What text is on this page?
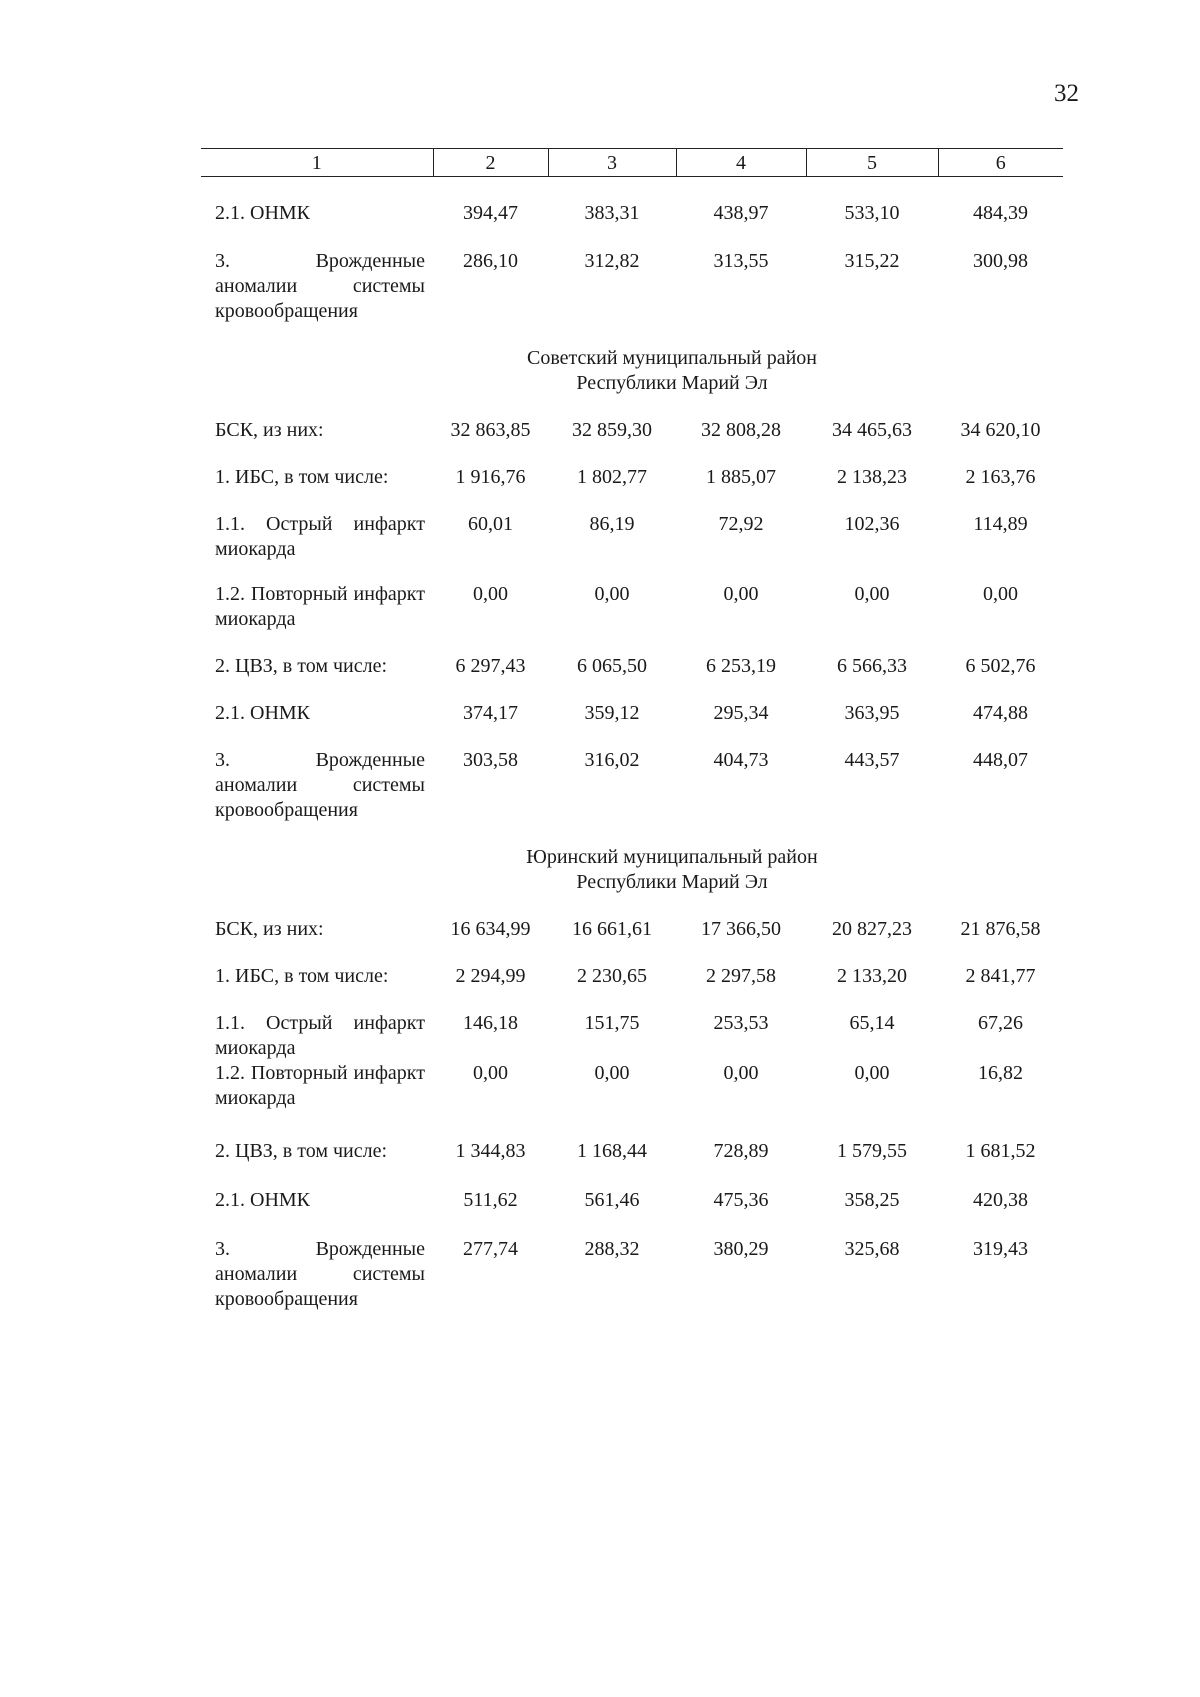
32
1	2	3	4	5	6

2.1. ОНМК	394,47	383,31	438,97	533,10	484,39

3. Врожденные аномалии системы кровообращения	286,10	312,82	313,55	315,22	300,98

Советский муниципальный район
Республики Марий Эл					

БСК, из них:	32 863,85	32 859,30	32 808,28	34 465,63	34 620,10

1. ИБС, в том числе:	1 916,76	1 802,77	1 885,07	2 138,23	2 163,76

1.1. Острый инфаркт миокарда	60,01	86,19	72,92	102,36	114,89

1.2. Повторный инфаркт миокарда	0,00	0,00	0,00	0,00	0,00

2. ЦВЗ, в том числе:	6 297,43	6 065,50	6 253,19	6 566,33	6 502,76

2.1. ОНМК	374,17	359,12	295,34	363,95	474,88

3. Врожденные аномалии системы кровообращения	303,58	316,02	404,73	443,57	448,07

Юринский муниципальный район
Республики Марий Эл					

БСК, из них:	16 634,99	16 661,61	17 366,50	20 827,23	21 876,58

1. ИБС, в том числе:	2 294,99	2 230,65	2 297,58	2 133,20	2 841,77

1.1. Острый инфаркт миокарда	146,18	151,75	253,53	65,14	67,26
1.2. Повторный инфаркт миокарда	0,00	0,00	0,00	0,00	16,82

2. ЦВЗ, в том числе:	1 344,83	1 168,44	728,89	1 579,55	1 681,52

2.1. ОНМК	511,62	561,46	475,36	358,25	420,38

3. Врожденные аномалии системы кровообращения	277,74	288,32	380,29	325,68	319,43
